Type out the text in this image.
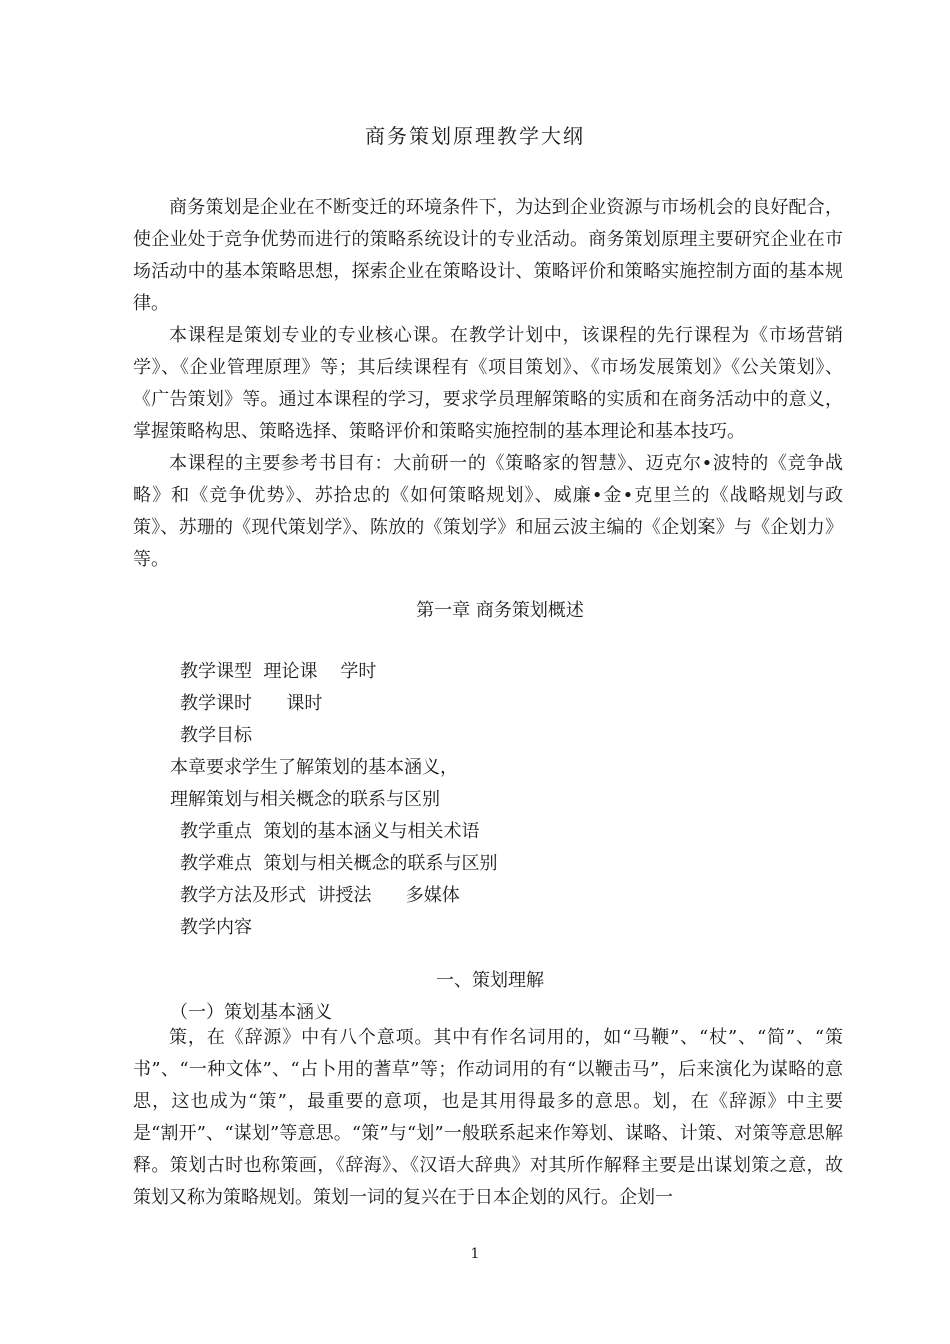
商务策划原理教学大纲

商务策划是企业在不断变迁的环境条件下，为达到企业资源与市场机会的良好配合，使企业处于竞争优势而进行的策略系统设计的专业活动。商务策划原理主要研究企业在市场活动中的基本策略思想，探索企业在策略设计、策略评价和策略实施控制方面的基本规律。

本课程是策划专业的专业核心课。在教学计划中，该课程的先行课程为《市场营销学》、《企业管理原理》等；其后续课程有《项目策划》、《市场发展策划》《公关策划》、《广告策划》等。通过本课程的学习，要求学员理解策略的实质和在商务活动中的意义，掌握策略构思、策略选择、策略评价和策略实施控制的基本理论和基本技巧。

本课程的主要参考书目有：大前研一的《策略家的智慧》、迈克尔•波特的《竞争战略》和《竞争优势》、苏拾忠的《如何策略规划》、威廉•金•克里兰的《战略规划与政策》、苏珊的《现代策划学》、陈放的《策划学》和屈云波主编的《企划案》与《企划力》等。

第一章 商务策划概述
教学课型  理论课    学时
教学课时      课时
教学目标
本章要求学生了解策划的基本涵义，
理解策划与相关概念的联系与区别
教学重点  策划的基本涵义与相关术语
教学难点  策划与相关概念的联系与区别
教学方法及形式  讲授法      多媒体
教学内容
一、策划理解
（一）策划基本涵义

策，在《辞源》中有八个意项。其中有作名词用的，如“马鞭”、“杖”、“简”、“策书”、“一种文体”、“占卜用的蓍草”等；作动词用的有“以鞭击马”，后来演化为谋略的意思，这也成为“策”，最重要的意项，也是其用得最多的意思。划，在《辞源》中主要是“割开”、“谋划”等意思。“策”与“划”一般联系起来作筹划、谋略、计策、对策等意思解释。策划古时也称策画，《辞海》、《汉语大辞典》对其所作解释主要是出谋划策之意，故策划又称为策略规划。策划一词的复兴在于日本企划的风行。企划一

1
